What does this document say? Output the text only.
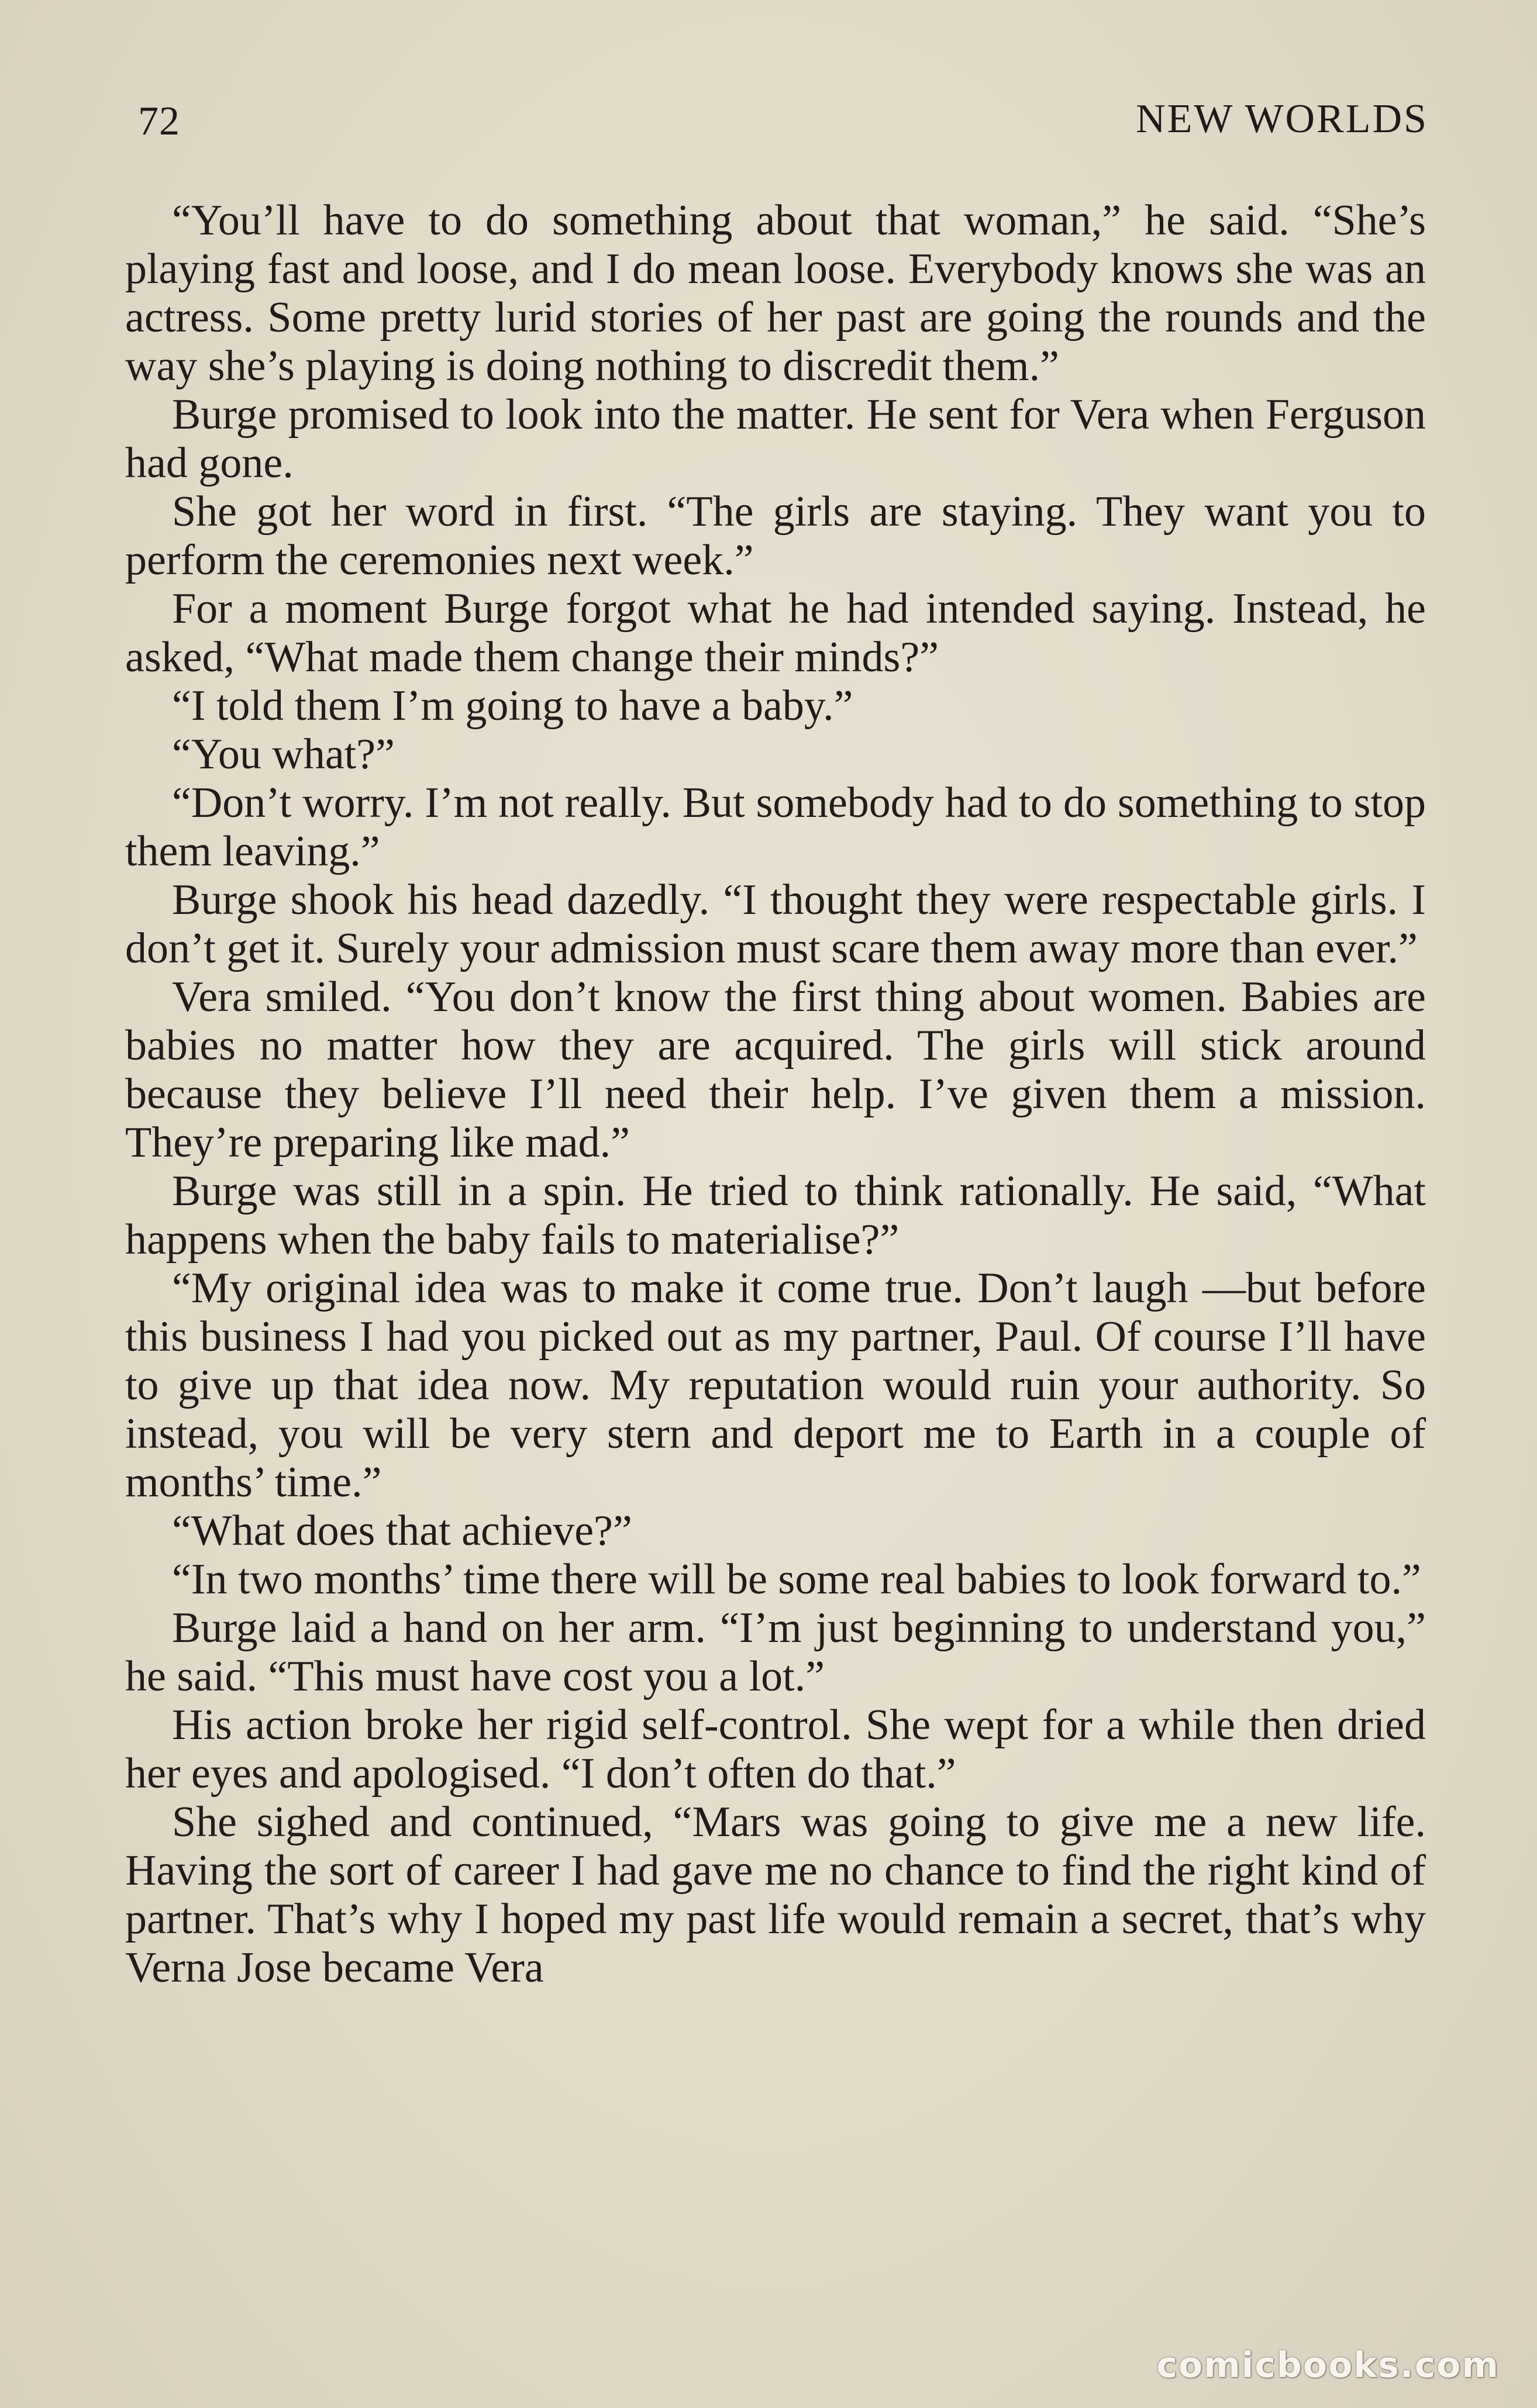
72	NEW WORLDS

“You’ll have to do something about that woman,” he said. “She’s playing fast and loose, and I do mean loose. Everybody knows she was an actress. Some pretty lurid stories of her past are going the rounds and the way she’s playing is doing nothing to discredit them.”

Burge promised to look into the matter. He sent for Vera when Ferguson had gone.

She got her word in first. “The girls are staying. They want you to perform the ceremonies next week.”

For a moment Burge forgot what he had intended saying. Instead, he asked, “What made them change their minds?”

“I told them I’m going to have a baby.”

“You what?”

“Don’t worry. I’m not really. But somebody had to do something to stop them leaving.”

Burge shook his head dazedly. “I thought they were respectable girls. I don’t get it. Surely your admission must scare them away more than ever.”

Vera smiled. “You don’t know the first thing about women. Babies are babies no matter how they are acquired. The girls will stick around because they believe I’ll need their help. I’ve given them a mission. They’re preparing like mad.”

Burge was still in a spin. He tried to think rationally. He said, “What happens when the baby fails to materialise?”

“My original idea was to make it come true. Don’t laugh —but before this business I had you picked out as my partner, Paul. Of course I’ll have to give up that idea now. My reputation would ruin your authority. So instead, you will be very stern and deport me to Earth in a couple of months’ time.”

“What does that achieve?”

“In two months’ time there will be some real babies to look forward to.”

Burge laid a hand on her arm. “I’m just beginning to understand you,” he said. “This must have cost you a lot.”

His action broke her rigid self-control. She wept for a while then dried her eyes and apologised. “I don’t often do that.”

She sighed and continued, “Mars was going to give me a new life. Having the sort of career I had gave me no chance to find the right kind of partner. That’s why I hoped my past life would remain a secret, that’s why Verna Jose became Vera

comicbooks.com
